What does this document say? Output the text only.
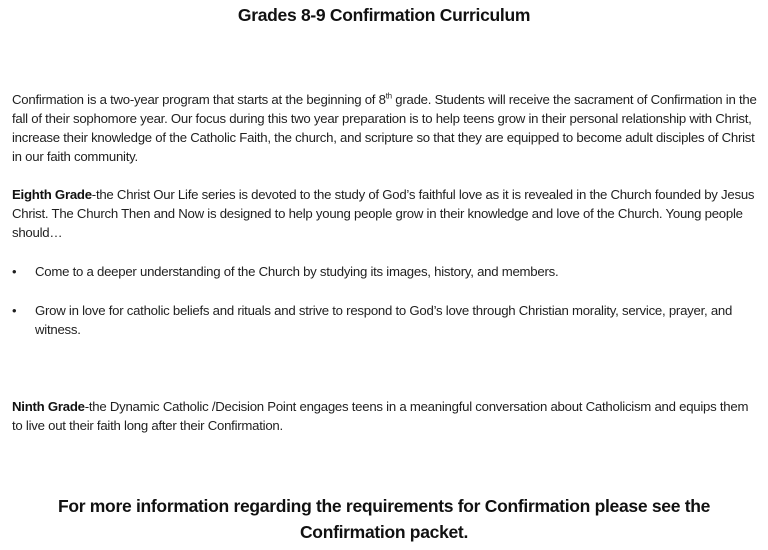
Grades 8-9 Confirmation Curriculum
Confirmation is a two-year program that starts at the beginning of 8th grade. Students will receive the sacrament of Confirmation in the fall of their sophomore year. Our focus during this two year preparation is to help teens grow in their personal relationship with Christ, increase their knowledge of the Catholic Faith, the church, and scripture so that they are equipped to become adult disciples of Christ in our faith community.
Eighth Grade-the Christ Our Life series is devoted to the study of God’s faithful love as it is revealed in the Church founded by Jesus Christ. The Church Then and Now is designed to help young people grow in their knowledge and love of the Church. Young people should…
•	Come to a deeper understanding of the Church by studying its images, history, and members.
•	Grow in love for catholic beliefs and rituals and strive to respond to God’s love through Christian morality, service, prayer, and witness.
Ninth Grade-the Dynamic Catholic /Decision Point engages teens in a meaningful conversation about Catholicism and equips them to live out their faith long after their Confirmation.
For more information regarding the requirements for Confirmation please see the
Confirmation packet.
